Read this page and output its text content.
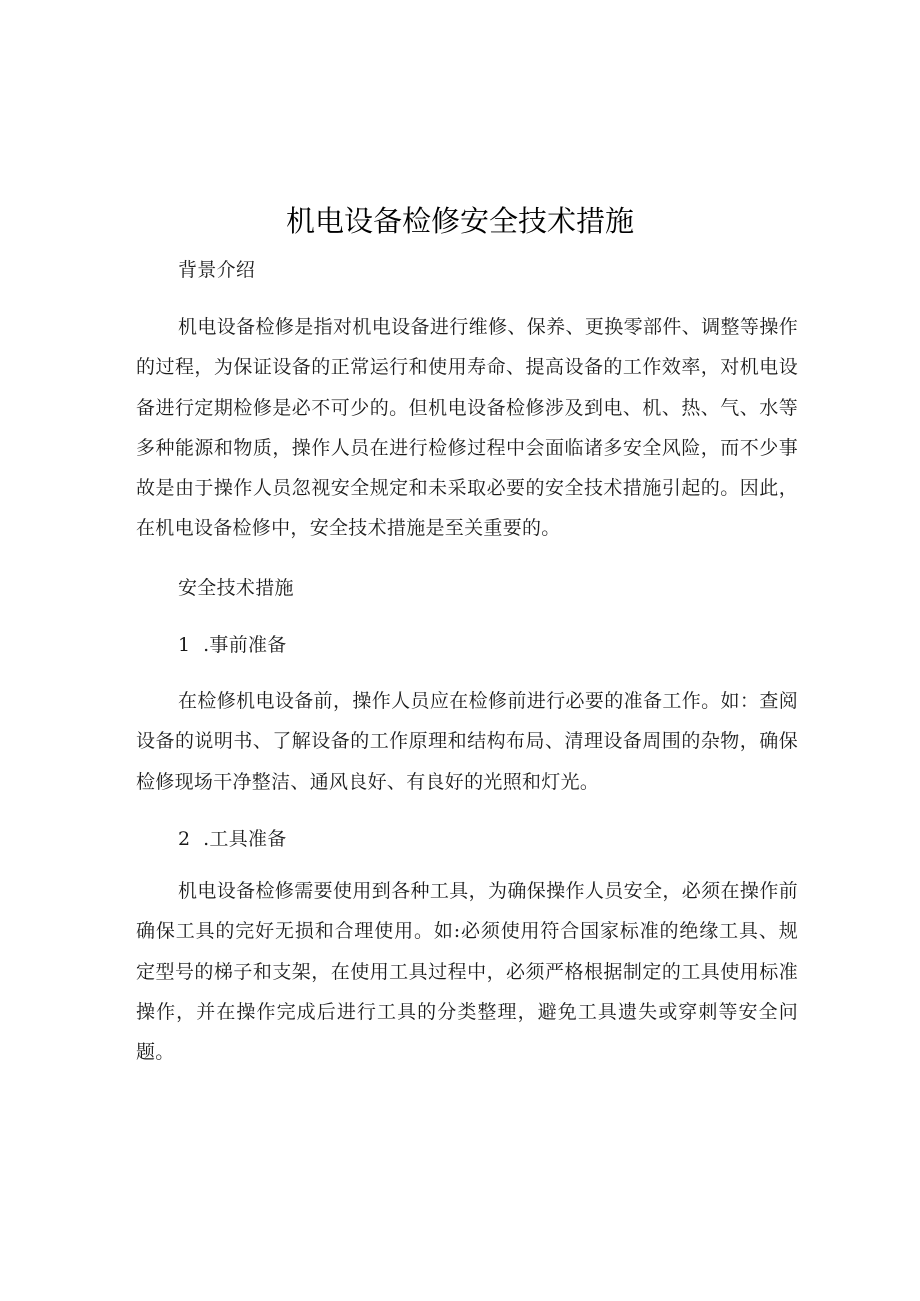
机电设备检修安全技术措施

背景介绍

机电设备检修是指对机电设备进行维修、保养、更换零部件、调整等操作的过程，为保证设备的正常运行和使用寿命、提高设备的工作效率，对机电设备进行定期检修是必不可少的。但机电设备检修涉及到电、机、热、气、水等多种能源和物质，操作人员在进行检修过程中会面临诸多安全风险，而不少事故是由于操作人员忽视安全规定和未采取必要的安全技术措施引起的。因此，在机电设备检修中，安全技术措施是至关重要的。

安全技术措施

1  .事前准备

在检修机电设备前，操作人员应在检修前进行必要的准备工作。如：查阅设备的说明书、了解设备的工作原理和结构布局、清理设备周围的杂物，确保检修现场干净整洁、通风良好、有良好的光照和灯光。

2  .工具准备

机电设备检修需要使用到各种工具，为确保操作人员安全，必须在操作前确保工具的完好无损和合理使用。如:必须使用符合国家标准的绝缘工具、规定型号的梯子和支架，在使用工具过程中，必须严格根据制定的工具使用标准操作，并在操作完成后进行工具的分类整理，避免工具遗失或穿刺等安全问题。
